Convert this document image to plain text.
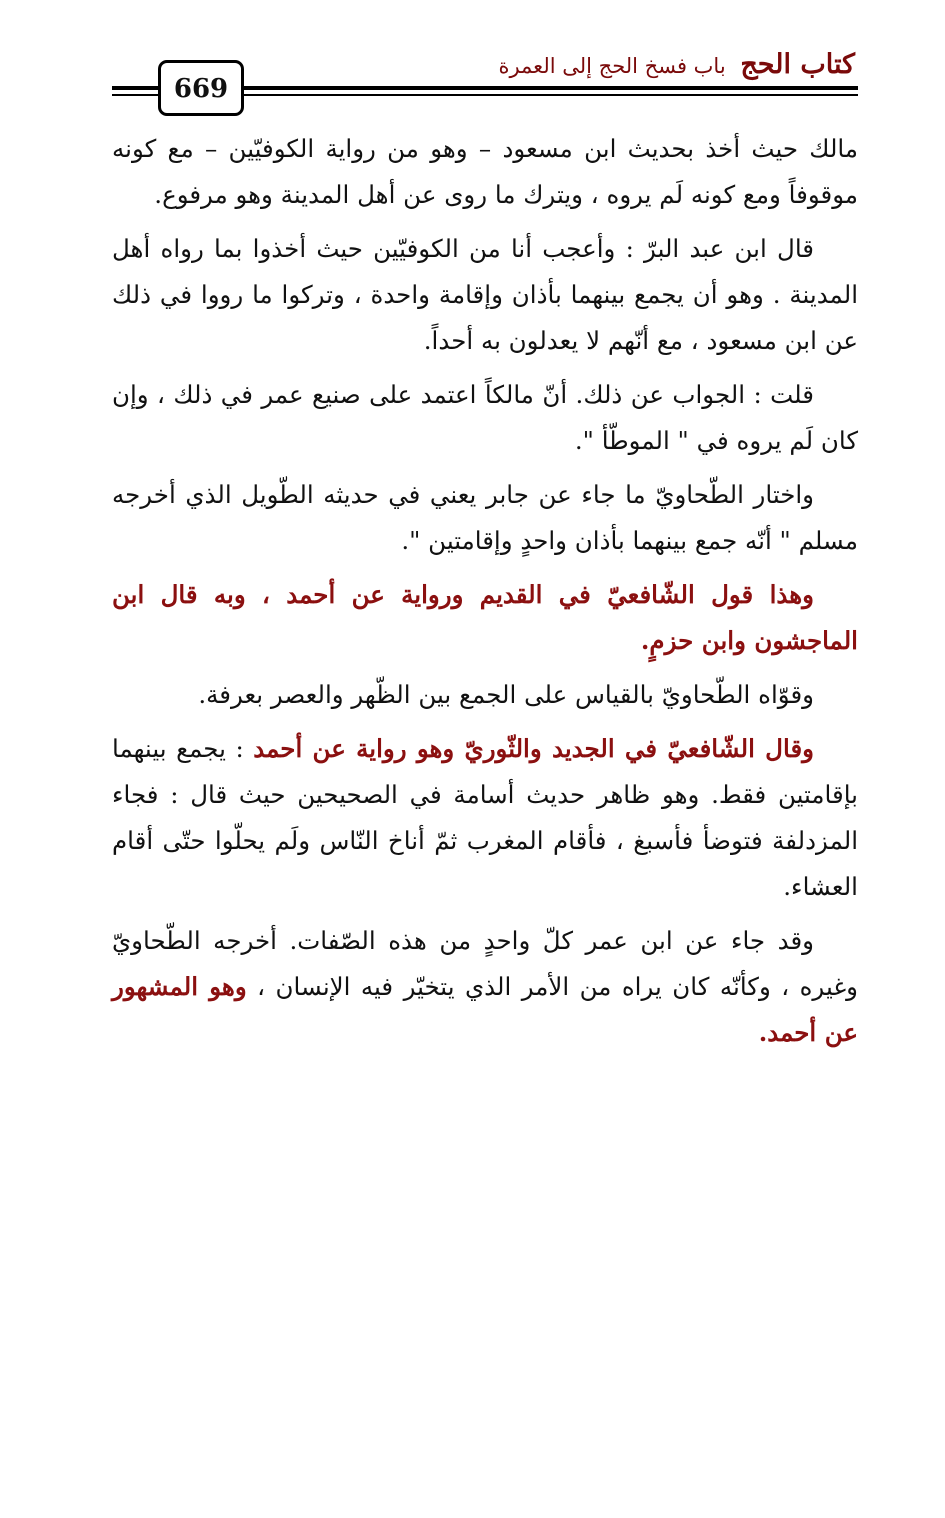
كتاب الحج باب فسخ الحج إلى العمرة
669

مالك حيث أخذ بحديث ابن مسعود – وهو من رواية الكوفيّين – مع كونه موقوفاً ومع كونه لَم يروه ، ويترك ما روى عن أهل المدينة وهو مرفوع.

قال ابن عبد البرّ : وأعجب أنا من الكوفيّين حيث أخذوا بما رواه أهل المدينة . وهو أن يجمع بينهما بأذان وإقامة واحدة ، وتركوا ما رووا في ذلك عن ابن مسعود ، مع أنّهم لا يعدلون به أحداً.

قلت : الجواب عن ذلك. أنّ مالكاً اعتمد على صنيع عمر في ذلك ، وإن كان لَم يروه في " الموطّأ ".

واختار الطّحاويّ ما جاء عن جابر يعني في حديثه الطّويل الذي أخرجه مسلم " أنّه جمع بينهما بأذان واحدٍ وإقامتين ".

وهذا قول الشّافعيّ في القديم ورواية عن أحمد ، وبه قال ابن الماجشون وابن حزمٍ.

وقوّاه الطّحاويّ بالقياس على الجمع بين الظّهر والعصر بعرفة.

وقال الشّافعيّ في الجديد والثّوريّ وهو رواية عن أحمد : يجمع بينهما بإقامتين فقط. وهو ظاهر حديث أسامة في الصحيحين حيث قال : فجاء المزدلفة فتوضأ فأسبغ ، فأقام المغرب ثمّ أناخ النّاس ولَم يحلّوا حتّى أقام العشاء.

وقد جاء عن ابن عمر كلّ واحدٍ من هذه الصّفات. أخرجه الطّحاويّ وغيره ، وكأنّه كان يراه من الأمر الذي يتخيّر فيه الإنسان ، وهو المشهور عن أحمد.
